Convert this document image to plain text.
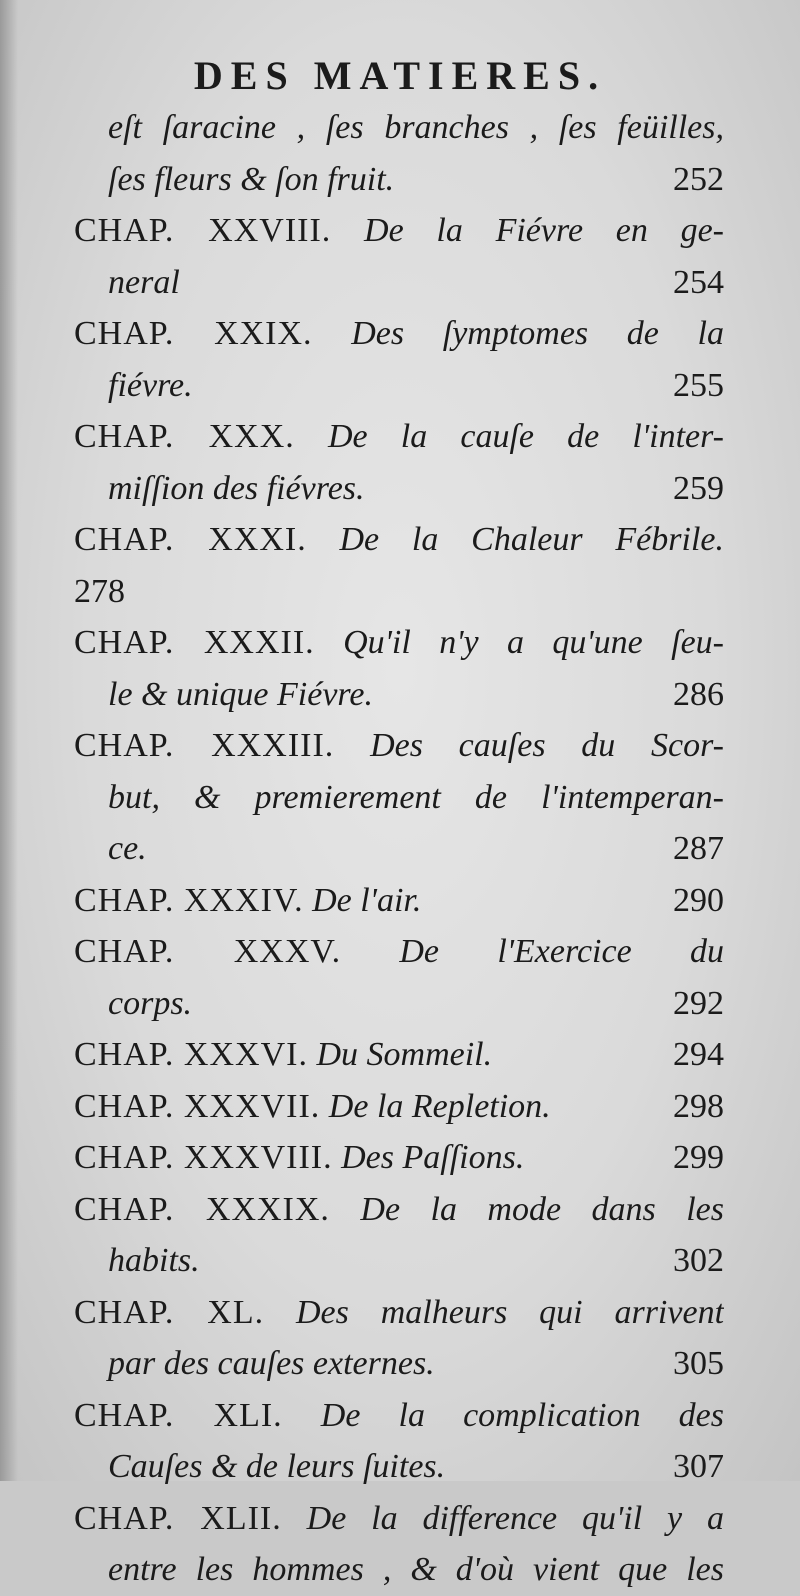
DES MATIERES.
eſt ſaracine , ſes branches , ſes feüilles,
ſes fleurs & ſon fruit.	252
CHAP. XXVIII. De la Fiévre en ge-
neral	254
CHAP. XXIX. Des ſymptomes de la
fiévre.	255
CHAP. XXX. De la cauſe de l'inter-
miſſion des fiévres.	259
CHAP. XXXI. De la Chaleur Fébrile.
278
CHAP. XXXII. Qu'il n'y a qu'une ſeu-
le & unique Fiévre.	286
CHAP. XXXIII. Des cauſes du Scor-
but, & premierement de l'intemperan-
ce.	287
CHAP. XXXIV. De l'air.	290
CHAP. XXXV. De l'Exercice du
corps.	292
CHAP. XXXVI. Du Sommeil.	294
CHAP. XXXVII. De la Repletion.	298
CHAP. XXXVIII. Des Paſſions.	299
CHAP. XXXIX. De la mode dans les
habits.	302
CHAP. XL. Des malheurs qui arrivent
par des cauſes externes.	305
CHAP. XLI. De la complication des
Cauſes & de leurs ſuites.	307
CHAP. XLII. De la difference qu'il y a
entre les hommes , & d'où vient que les
